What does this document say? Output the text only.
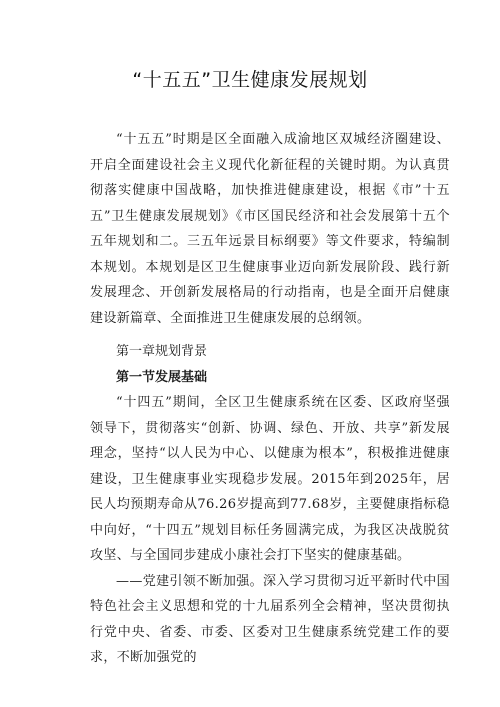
“十五五”卫生健康发展规划

“十五五”时期是区全面融入成渝地区双城经济圈建设、开启全面建设社会主义现代化新征程的关键时期。为认真贯彻落实健康中国战略，加快推进健康建设，根据《市”十五五”卫生健康发展规划》《市区国民经济和社会发展第十五个五年规划和二。三五年远景目标纲要》等文件要求，特编制本规划。本规划是区卫生健康事业迈向新发展阶段、践行新发展理念、开创新发展格局的行动指南，也是全面开启健康建设新篇章、全面推进卫生健康发展的总纲领。

第一章规划背景

第一节发展基础

“十四五”期间，全区卫生健康系统在区委、区政府坚强领导下，贯彻落实“创新、协调、绿色、开放、共享”新发展理念，坚持“以人民为中心、以健康为根本”，积极推进健康建设，卫生健康事业实现稳步发展。2015年到2025年，居民人均预期寿命从76.26岁提高到77.68岁，主要健康指标稳中向好，“十四五”规划目标任务圆满完成，为我区决战脱贫攻坚、与全国同步建成小康社会打下坚实的健康基础。

——党建引领不断加强。深入学习贯彻习近平新时代中国特色社会主义思想和党的十九届系列全会精神，坚决贯彻执行党中央、省委、市委、区委对卫生健康系统党建工作的要求，不断加强党的
